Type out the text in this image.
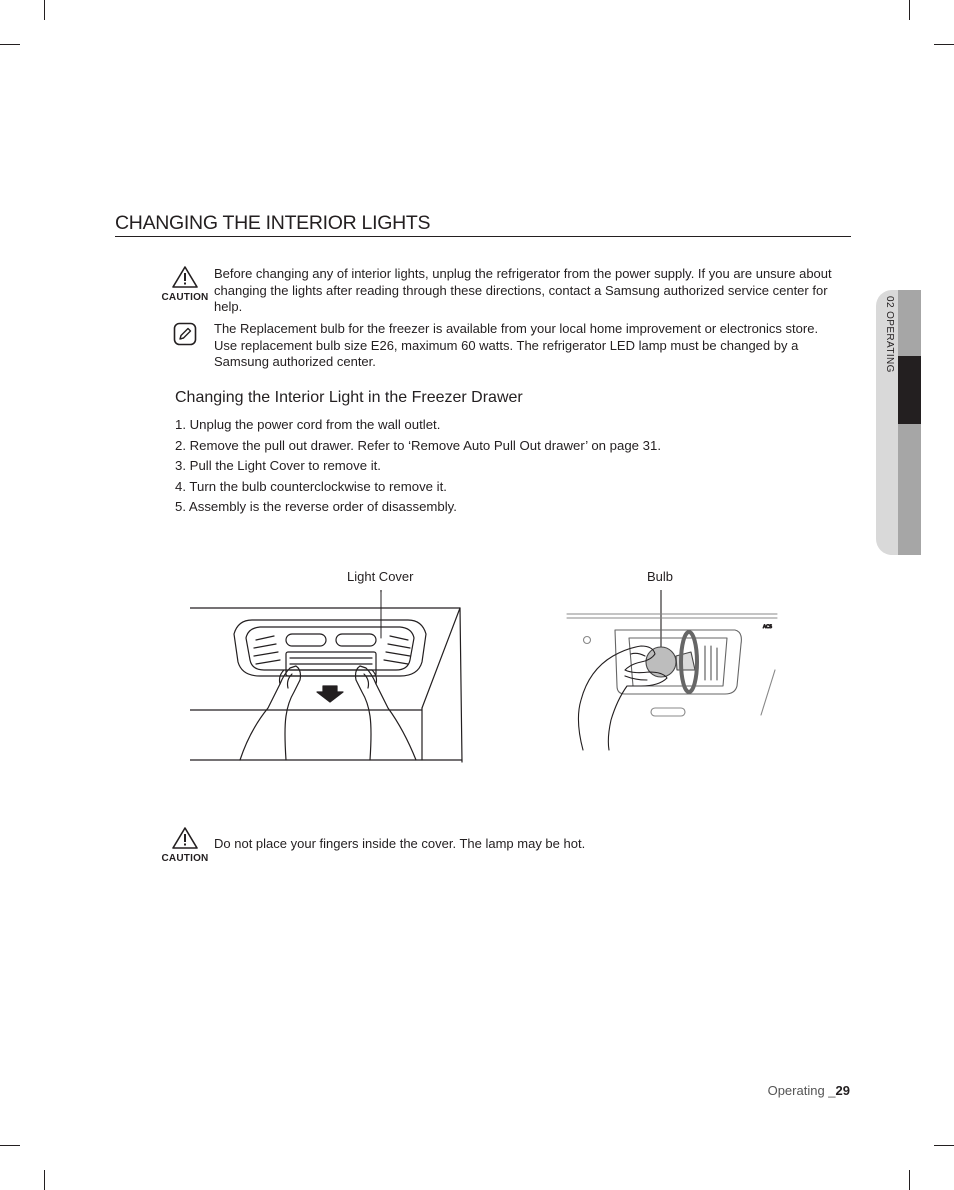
CHANGING THE INTERIOR LIGHTS
CAUTION
Before changing any of interior lights, unplug the refrigerator from the power supply. If you are unsure about changing the lights after reading through these directions, contact a Samsung authorized service center for help.
The Replacement bulb for the freezer is available from your local home improvement or electronics store. Use replacement bulb size E26, maximum 60 watts. The refrigerator LED lamp must be changed by a Samsung authorized center.
Changing the Interior Light in the Freezer Drawer
1. Unplug the power cord from the wall outlet.
2. Remove the pull out drawer. Refer to ‘Remove Auto Pull Out drawer’ on page 31.
3. Pull the Light Cover to remove it.
4. Turn the bulb counterclockwise to remove it.
5. Assembly is the reverse order of disassembly.
Light Cover	Bulb
ACS
CAUTION
Do not place your fingers inside the cover. The lamp may be hot.
02 OPERATING
Operating _29
